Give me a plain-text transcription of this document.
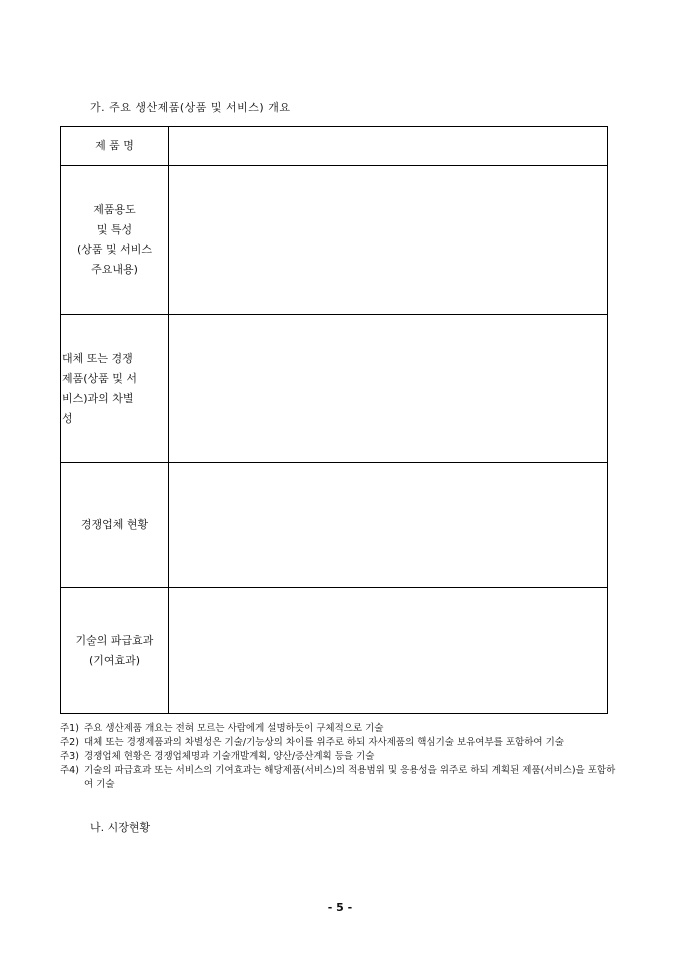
가. 주요 생산제품(상품 및 서비스) 개요
제 품 명	

제품용도
및 특성
(상품 및 서비스
주요내용)	

대체 또는 경쟁
제품(상품 및 서
비스)과의 차별
성	

경쟁업체 현황	

기술의 파급효과
(기여효과)	

주1) 주요 생산제품 개요는 전혀 모르는 사람에게 설명하듯이 구체적으로 기술
주2) 대체 또는 경쟁제품과의 차별성은 기술/기능상의 차이를 위주로 하되 자사제품의 핵심기술 보유여부를 포함하여 기술
주3) 경쟁업체 현황은 경쟁업체명과 기술개발계획, 양산/증산계획 등을 기술
주4) 기술의 파급효과 또는 서비스의 기여효과는 해당제품(서비스)의 적용범위 및 응용성을 위주로 하되 계획된 제품(서비스)을 포함하여 기술
나. 시장현황
- 5 -
